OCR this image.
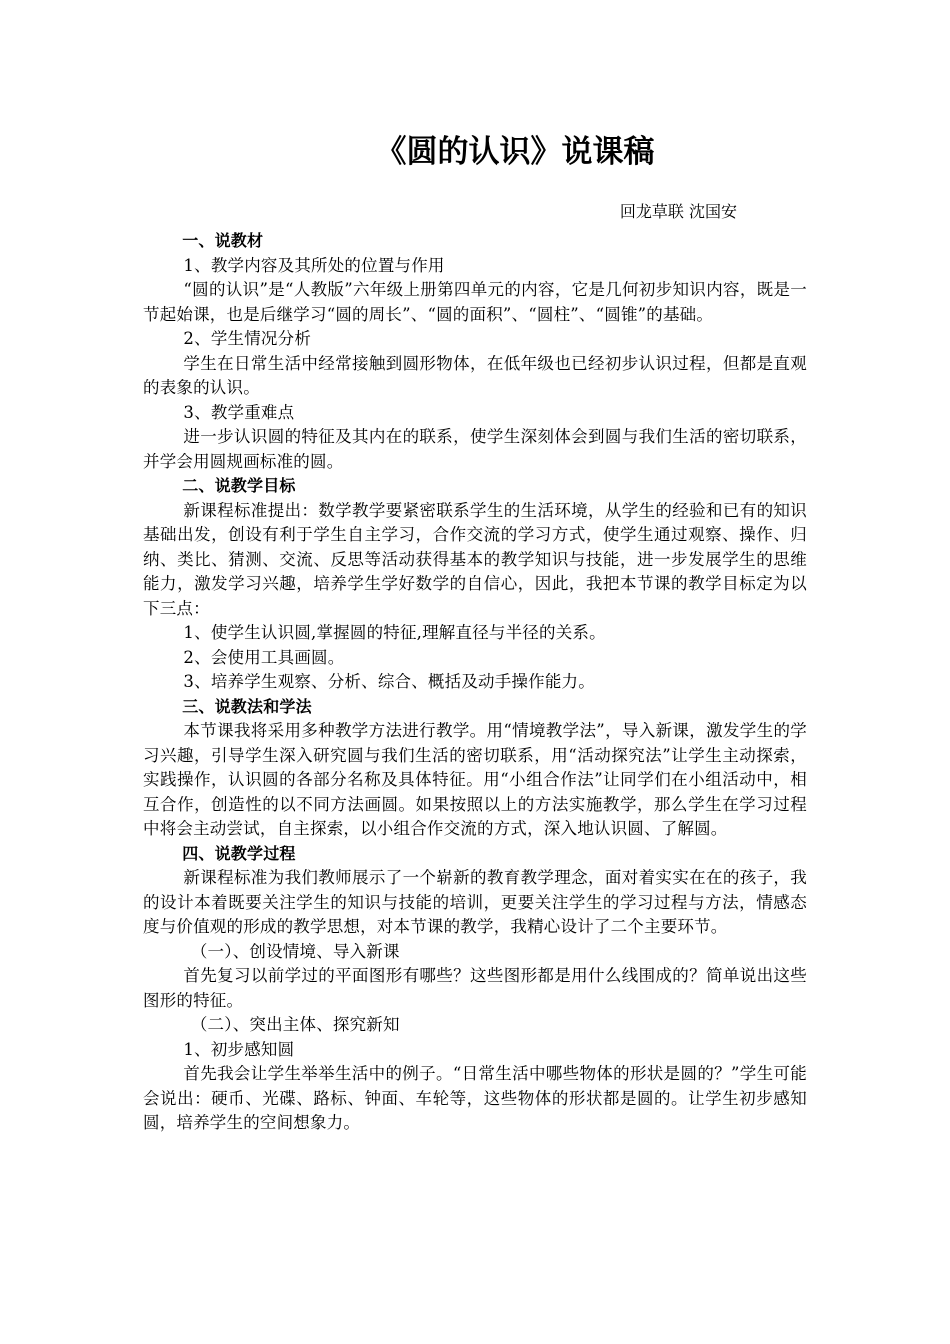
《圆的认识》说课稿
回龙草联 沈国安

一、说教材

1、教学内容及其所处的位置与作用

“圆的认识”是“人教版”六年级上册第四单元的内容，它是几何初步知识内容，既是一节起始课，也是后继学习“圆的周长”、“圆的面积”、“圆柱”、“圆锥”的基础。

2、学生情况分析

学生在日常生活中经常接触到圆形物体，在低年级也已经初步认识过程，但都是直观的表象的认识。

3、教学重难点

进一步认识圆的特征及其内在的联系，使学生深刻体会到圆与我们生活的密切联系，并学会用圆规画标准的圆。

二、说教学目标

新课程标准提出：数学教学要紧密联系学生的生活环境，从学生的经验和已有的知识基础出发，创设有利于学生自主学习，合作交流的学习方式，使学生通过观察、操作、归纳、类比、猜测、交流、反思等活动获得基本的教学知识与技能，进一步发展学生的思维能力，激发学习兴趣，培养学生学好数学的自信心，因此，我把本节课的教学目标定为以下三点：

1、使学生认识圆,掌握圆的特征,理解直径与半径的关系。

2、会使用工具画圆。

3、培养学生观察、分析、综合、概括及动手操作能力。

三、说教法和学法

本节课我将采用多种教学方法进行教学。用“情境教学法”，导入新课，激发学生的学习兴趣，引导学生深入研究圆与我们生活的密切联系，用“活动探究法”让学生主动探索，实践操作，认识圆的各部分名称及具体特征。用“小组合作法”让同学们在小组活动中，相互合作，创造性的以不同方法画圆。如果按照以上的方法实施教学，那么学生在学习过程中将会主动尝试，自主探索，以小组合作交流的方式，深入地认识圆、了解圆。

四、说教学过程

新课程标准为我们教师展示了一个崭新的教育教学理念，面对着实实在在的孩子，我的设计本着既要关注学生的知识与技能的培训，更要关注学生的学习过程与方法，情感态度与价值观的形成的教学思想，对本节课的教学，我精心设计了二个主要环节。

（一）、创设情境、导入新课

首先复习以前学过的平面图形有哪些？这些图形都是用什么线围成的？简单说出这些图形的特征。

（二）、突出主体、探究新知

1、初步感知圆

首先我会让学生举举生活中的例子。“日常生活中哪些物体的形状是圆的？”学生可能会说出：硬币、光碟、路标、钟面、车轮等，这些物体的形状都是圆的。让学生初步感知圆，培养学生的空间想象力。
